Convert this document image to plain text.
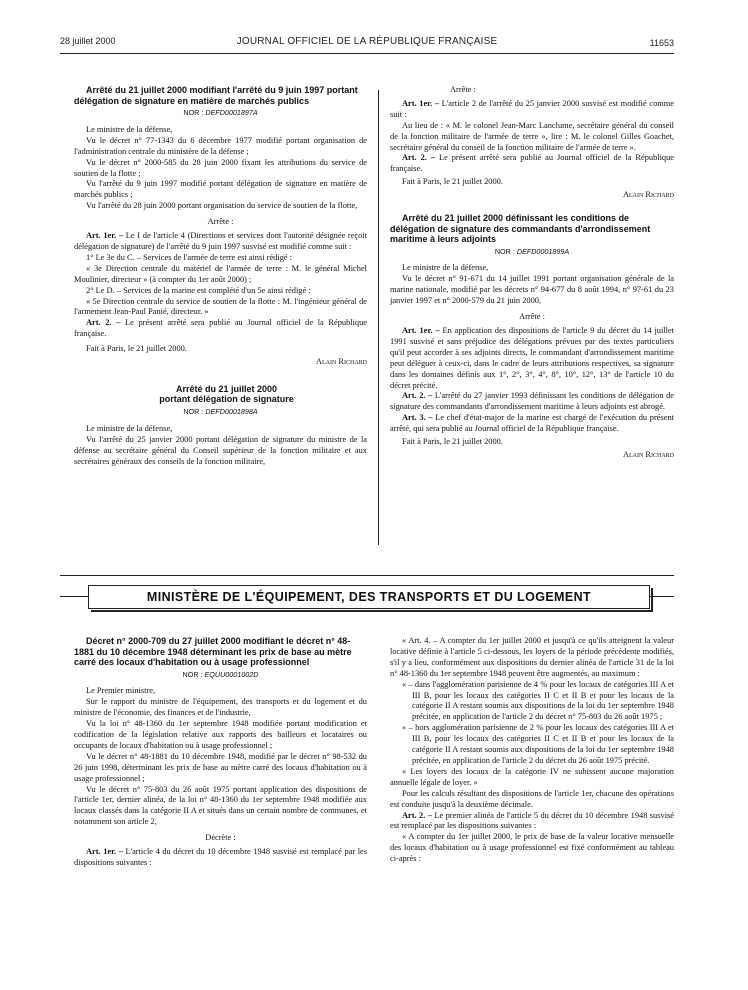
28 juillet 2000	JOURNAL OFFICIEL DE LA RÉPUBLIQUE FRANÇAISE	11653

Arrêté du 21 juillet 2000 modifiant l'arrêté du 9 juin 1997 portant délégation de signature en matière de marchés publics

NOR : DEFD0001897A

Le ministre de la défense,

Vu le décret n° 77-1343 du 6 décembre 1977 modifié portant organisation de l'administration centrale du ministère de la défense ;

Vu le décret n° 2000-585 du 28 juin 2000 fixant les attributions du service de soutien de la flotte ;

Vu l'arrêté du 9 juin 1997 modifié portant délégation de signature en matière de marchés publics ;

Vu l'arrêté du 28 juin 2000 portant organisation du service de soutien de la flotte,

Arrête :

Art. 1er. – Le I de l'article 4 (Directions et services dont l'autorité désignée reçoit délégation de signature) de l'arrêté du 9 juin 1997 susvisé est modifié comme suit :

1° Le 3e du C. – Services de l'armée de terre est ainsi rédigé :

« 3e Direction centrale du matériel de l'armée de terre : M. le général Michel Moulinier, directeur » (à compter du 1er août 2000) ;

2° Le D. – Services de la marine est complété d'un 5e ainsi rédigé :

« 5e Direction centrale du service de soutien de la flotte : M. l'ingénieur général de l'armement Jean-Paul Panié, directeur. »

Art. 2. – Le présent arrêté sera publié au Journal officiel de la République française.

Fait à Paris, le 21 juillet 2000.

Alain Richard

Arrêté du 21 juillet 2000

portant délégation de signature

NOR : DEFD0001898A

Le ministre de la défense,

Vu l'arrêté du 25 janvier 2000 portant délégation de signature du ministre de la défense au secrétaire général du Conseil supérieur de la fonction militaire et aux secrétaires généraux des conseils de la fonction militaire,

Arrête :

Art. 1er. – L'article 2 de l'arrêté du 25 janvier 2000 susvisé est modifié comme suit :

Au lieu de : « M. le colonel Jean-Marc Lanclume, secrétaire général du conseil de la fonction militaire de l'armée de terre », lire : M. le colonel Gilles Goachet, secrétaire général du conseil de la fonction militaire de l'armée de terre ».

Art. 2. – Le présent arrêté sera publié au Journal officiel de la République française.

Fait à Paris, le 21 juillet 2000.

Alain Richard

Arrêté du 21 juillet 2000 définissant les conditions de délégation de signature des commandants d'arrondissement maritime à leurs adjoints

NOR : DEFD0001899A

Le ministre de la défense,

Vu le décret n° 91-671 du 14 juillet 1991 portant organisation générale de la marine nationale, modifié par les décrets n° 94-677 du 8 août 1994, n° 97-61 du 23 janvier 1997 et n° 2000-579 du 21 juin 2000,

Arrête :

Art. 1er. – En application des dispositions de l'article 9 du décret du 14 juillet 1991 susvisé et sans préjudice des délégations prévues par des textes particuliers qu'il peut accorder à ses adjoints directs, le commandant d'arrondissement maritime peut déléguer à ceux-ci, dans le cadre de leurs attributions respectives, sa signature dans les domaines définis aux 1°, 2°, 3°, 4°, 8°, 10°, 12°, 13° de l'article 10 du décret précité.

Art. 2. – L'arrêté du 27 janvier 1993 définissant les conditions de délégation de signature des commandants d'arrondissement maritime à leurs adjoints est abrogé.

Art. 3. – Le chef d'état-major de la marine est chargé de l'exécution du présent arrêté, qui sera publié au Journal officiel de la République française.

Fait à Paris, le 21 juillet 2000.

Alain Richard

MINISTÈRE DE L'ÉQUIPEMENT, DES TRANSPORTS ET DU LOGEMENT

Décret n° 2000-709 du 27 juillet 2000 modifiant le décret n° 48-1881 du 10 décembre 1948 déterminant les prix de base au mètre carré des locaux d'habitation ou à usage professionnel

NOR : EQUU0001002D

Le Premier ministre,

Sur le rapport du ministre de l'équipement, des transports et du logement et du ministre de l'économie, des finances et de l'industrie,

Vu la loi n° 48-1360 du 1er septembre 1948 modifiée portant modification et codification de la législation relative aux rapports des bailleurs et locataires ou occupants de locaux d'habitation ou à usage professionnel ;

Vu le décret n° 48-1881 du 10 décembre 1948, modifié par le décret n° 98-532 du 26 juin 1998, déterminant les prix de base au mètre carré des locaux d'habitation ou à usage professionnel ;

Vu le décret n° 75-803 du 26 août 1975 portant application des dispositions de l'article 1er, dernier alinéa, de la loi n° 48-1360 du 1er septembre 1948 modifiée aux locaux classés dans la catégorie II A et situés dans un certain nombre de communes, et notamment son article 2,

Décrète :

Art. 1er. – L'article 4 du décret du 10 décembre 1948 susvisé est remplacé par les dispositions suivantes :

« Art. 4. – A compter du 1er juillet 2000 et jusqu'à ce qu'ils atteignent la valeur locative définie à l'article 5 ci-dessous, les loyers de la période précédente modifiés, s'il y a lieu, conformément aux dispositions du dernier alinéa de l'article 31 de la loi n° 48-1360 du 1er septembre 1948 peuvent être augmentés, au maximum :

« – dans l'agglomération parisienne de 4 % pour les locaux de catégories III A et III B, pour les locaux des catégories II C et II B et pour les locaux de la catégorie II A restant soumis aux dispositions de la loi du 1er septembre 1948 précitée, en application de l'article 2 du décret n° 75-803 du 26 août 1975 ;

« – hors agglomération parisienne de 2 % pour les locaux des catégories III A et III B, pour les locaux des catégories II C et II B et pour les locaux de la catégorie II A restant soumis aux dispositions de la loi du 1er septembre 1948 précitée, en application de l'article 2 du décret du 26 août 1975 précité.

« Les loyers des locaux de la catégorie IV ne subissent aucune majoration annuelle légale de loyer. »

Pour les calculs résultant des dispositions de l'article 1er, chacune des opérations est conduite jusqu'à la deuxième décimale.

Art. 2. – Le premier alinéa de l'article 5 du décret du 10 décembre 1948 susvisé est remplacé par les dispositions suivantes :

« A compter du 1er juillet 2000, le prix de base de la valeur locative mensuelle des locaux d'habitation ou à usage professionnel est fixé conformément au tableau ci-après :
